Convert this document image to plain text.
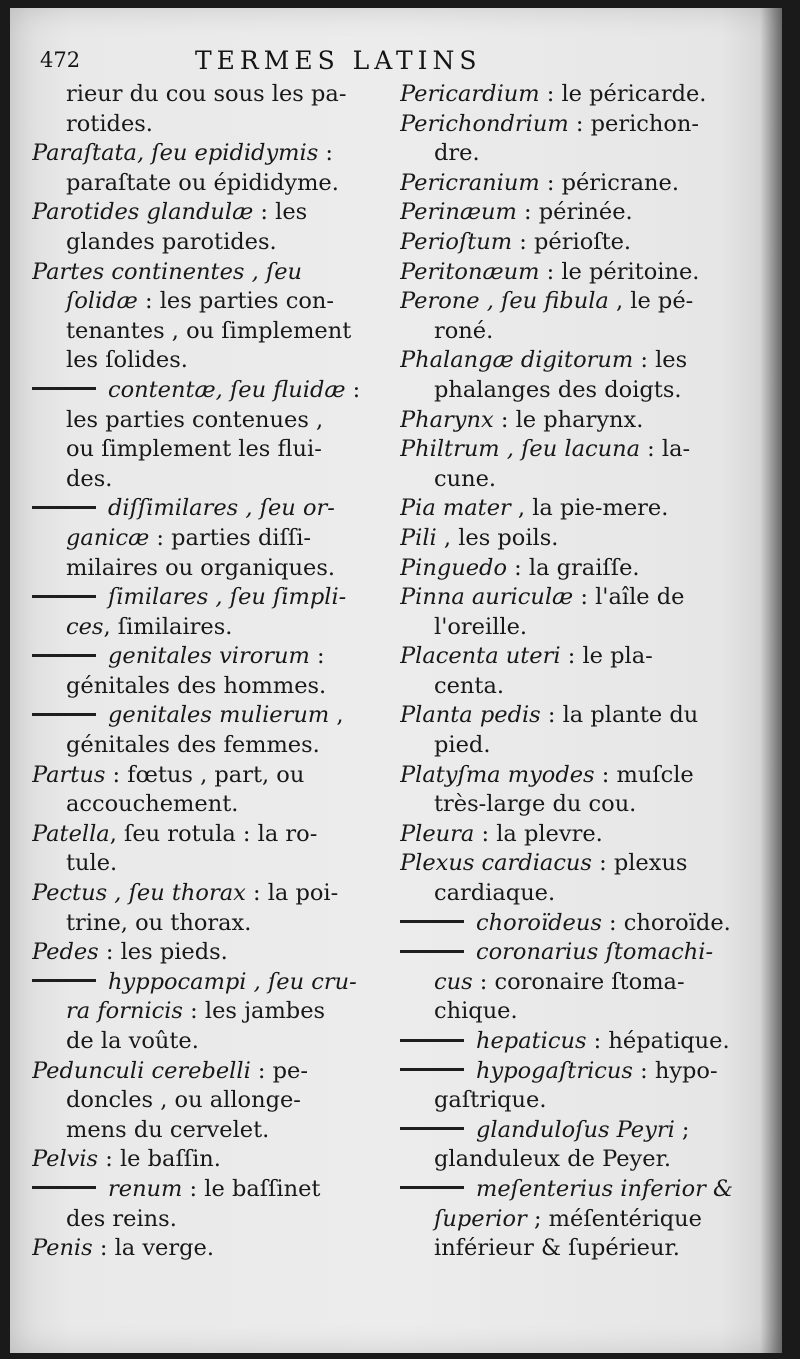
472	TERMES LATINS
rieur du cou sous les pa-
rotides.
Paraſtata, ſeu epididymis :
paraſtate ou épididyme.
Parotides glandulæ : les
glandes parotides.
Partes continentes , ſeu
ſolidæ : les parties con-
tenantes , ou ſimplement
les ſolides.
contentæ, ſeu fluidæ :
les parties contenues ,
ou ſimplement les flui-
des.
diſſimilares , ſeu or-
ganicæ : parties diſſi-
milaires ou organiques.
ſimilares , ſeu ſimpli-
ces, ſimilaires.
genitales virorum :
génitales des hommes.
genitales mulierum ,
génitales des femmes.
Partus : fœtus , part, ou
accouchement.
Patella, ſeu rotula : la ro-
tule.
Pectus , ſeu thorax : la poi-
trine, ou thorax.
Pedes : les pieds.
hyppocampi , ſeu cru-
ra fornicis : les jambes
de la voûte.
Pedunculi cerebelli : pe-
doncles , ou allonge-
mens du cervelet.
Pelvis : le baſſin.
renum : le baſſinet
des reins.
Penis : la verge.
Pericardium : le péricarde.
Perichondrium : perichon-
dre.
Pericranium : péricrane.
Perinæum : périnée.
Perioſtum : périoſte.
Peritonæum : le péritoine.
Perone , ſeu fibula , le pé-
roné.
Phalangæ digitorum : les
phalanges des doigts.
Pharynx : le pharynx.
Philtrum , ſeu lacuna : la-
cune.
Pia mater , la pie-mere.
Pili , les poils.
Pinguedo : la graiſſe.
Pinna auriculæ : l'aîle de
l'oreille.
Placenta uteri : le pla-
centa.
Planta pedis : la plante du
pied.
Platyſma myodes : muſcle
très-large du cou.
Pleura : la plevre.
Plexus cardiacus : plexus
cardiaque.
choroïdeus : choroïde.
coronarius ſtomachi-
cus : coronaire ſtoma-
chique.
hepaticus : hépatique.
hypogaſtricus : hypo-
gaſtrique.
glanduloſus Peyri ;
glanduleux de Peyer.
meſenterius inferior &
ſuperior ; méſentérique
inférieur & ſupérieur.
